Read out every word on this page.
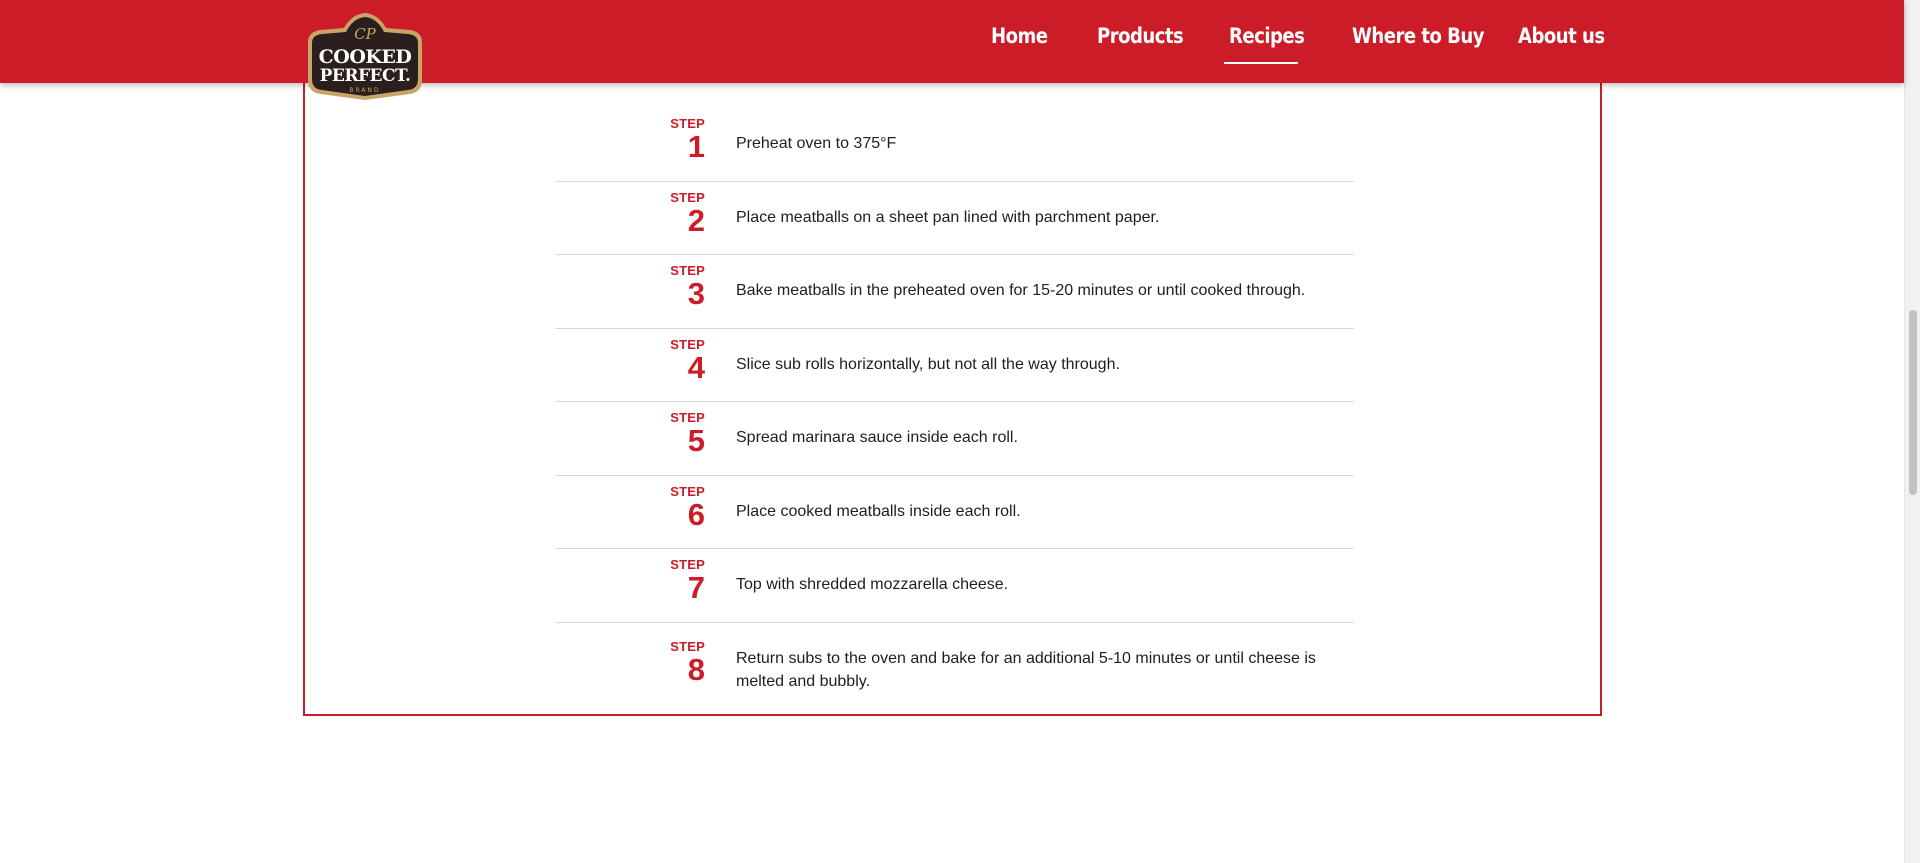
Home Products Recipes Where to Buy About us
CP
COOKED
PERFECT.
BRAND
STEP
1 Preheat oven to 375°F

STEP
2 Place meatballs on a sheet pan lined with parchment paper.

STEP
3 Bake meatballs in the preheated oven for 15-20 minutes or until cooked through.

STEP
4 Slice sub rolls horizontally, but not all the way through.

STEP
5 Spread marinara sauce inside each roll.

STEP
6 Place cooked meatballs inside each roll.

STEP
7 Top with shredded mozzarella cheese.

STEP
8 Return subs to the oven and bake for an additional 5-10 minutes or until cheese is melted and bubbly.
